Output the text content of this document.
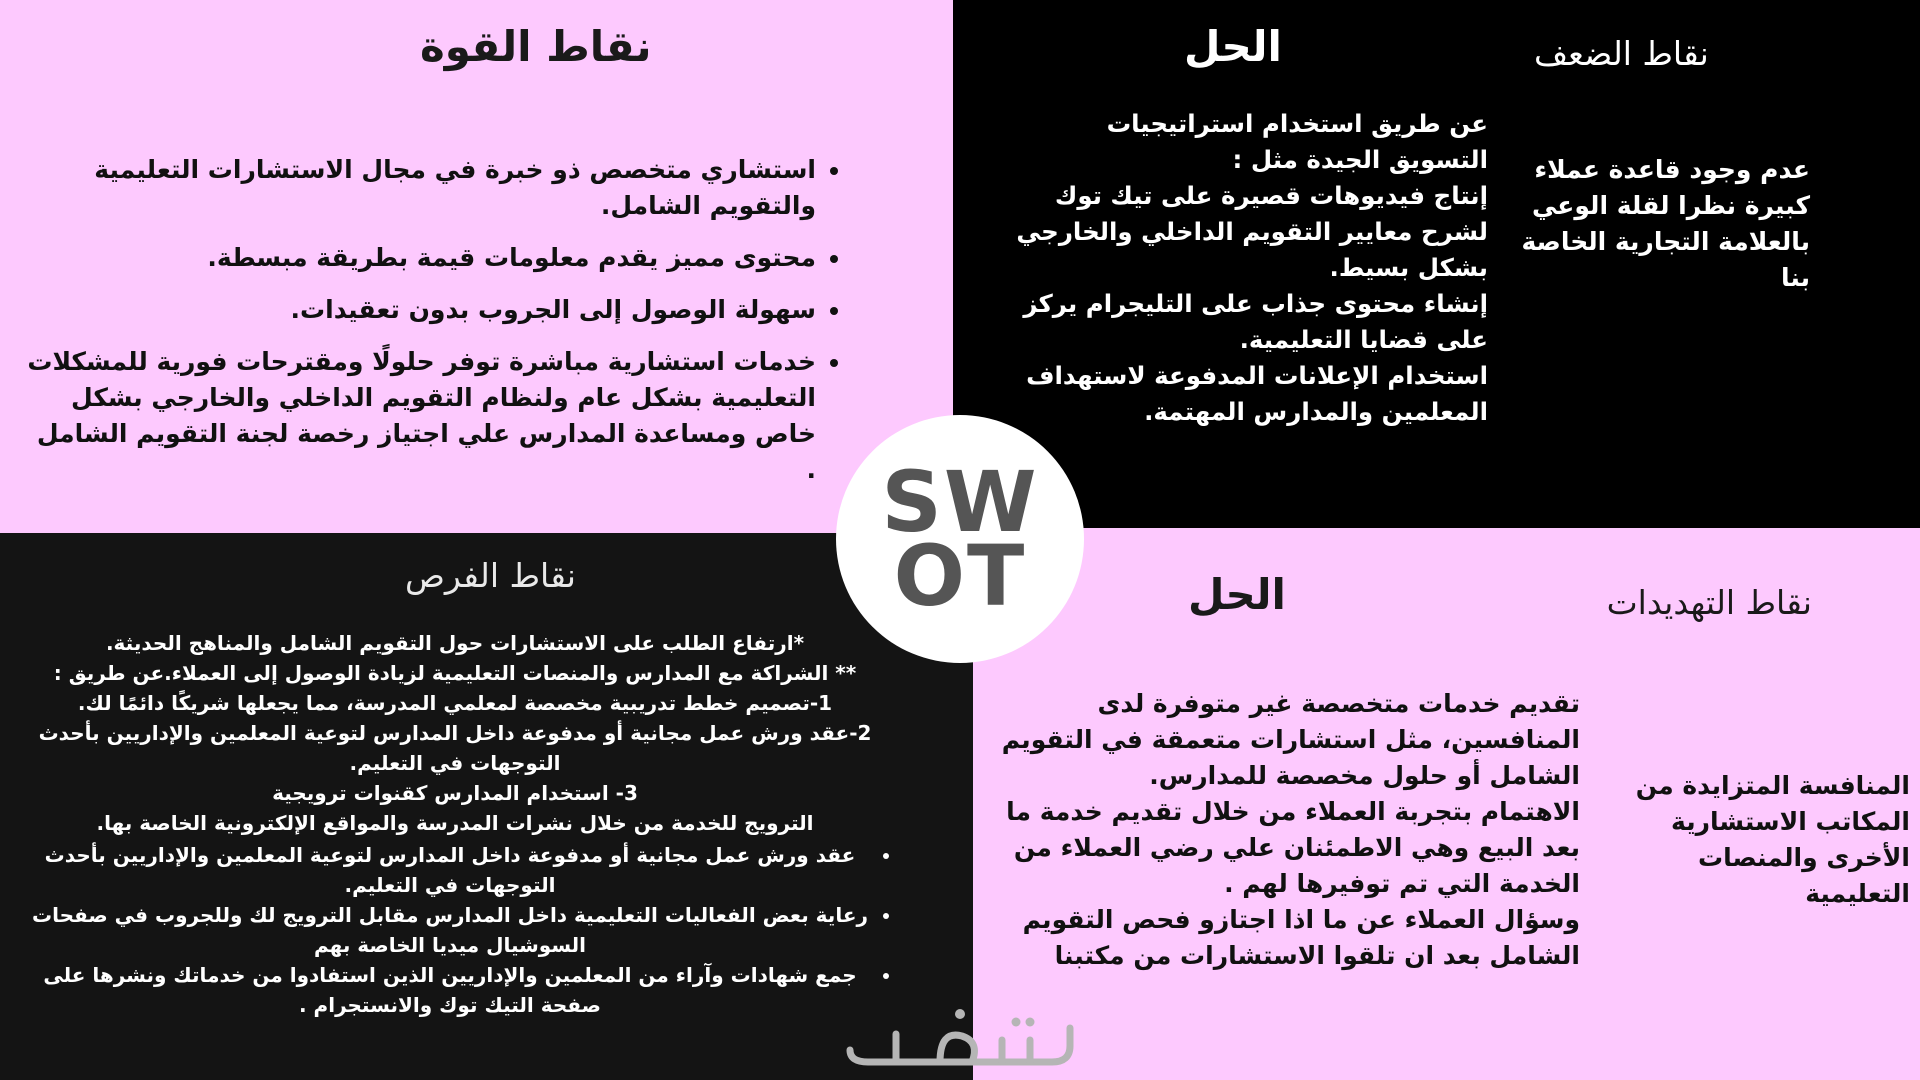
نقاط القوة
• استشاري متخصص ذو خبرة في مجال الاستشارات التعليمية والتقويم الشامل.
• محتوى مميز يقدم معلومات قيمة بطريقة مبسطة.
• سهولة الوصول إلى الجروب بدون تعقيدات.
• خدمات استشارية مباشرة توفر حلولًا ومقترحات فورية للمشكلات التعليمية بشكل عام ولنظام التقويم الداخلي والخارجي بشكل خاص ومساعدة المدارس علي اجتياز رخصة لجنة التقويم الشامل .
نقاط الضعف

عدم وجود قاعدة عملاء كبيرة نظرا لقلة الوعي بالعلامة التجارية الخاصة بنا

الحل
عن طريق استخدام استراتيجيات التسويق الجيدة مثل :
إنتاج فيديوهات قصيرة على تيك توك لشرح معايير التقويم الداخلي والخارجي بشكل بسيط.
إنشاء محتوى جذاب على التليجرام يركز على قضايا التعليمية.
استخدام الإعلانات المدفوعة لاستهداف المعلمين والمدارس المهتمة.
نقاط الفرص
*ارتفاع الطلب على الاستشارات حول التقويم الشامل والمناهج الحديثة.
** الشراكة مع المدارس والمنصات التعليمية لزيادة الوصول إلى العملاء.عن طريق :
1-تصميم خطط تدريبية مخصصة لمعلمي المدرسة، مما يجعلها شريكًا دائمًا لك.
2-عقد ورش عمل مجانية أو مدفوعة داخل المدارس لتوعية المعلمين والإداريين بأحدث التوجهات في التعليم.
3- استخدام المدارس كقنوات ترويجية
الترويج للخدمة من خلال نشرات المدرسة والمواقع الإلكترونية الخاصة بها.
• عقد ورش عمل مجانية أو مدفوعة داخل المدارس لتوعية المعلمين والإداريين بأحدث التوجهات في التعليم.
• رعاية بعض الفعاليات التعليمية داخل المدارس مقابل الترويج لك وللجروب في صفحات السوشيال ميديا الخاصة بهم
• جمع شهادات وآراء من المعلمين والإداريين الذين استفادوا من خدماتك ونشرها على صفحة التيك توك والانستجرام .
نقاط التهديدات

المنافسة المتزايدة من المكاتب الاستشارية الأخرى والمنصات التعليمية

الحل
تقديم خدمات متخصصة غير متوفرة لدى المنافسين، مثل استشارات متعمقة في التقويم الشامل أو حلول مخصصة للمدارس.
الاهتمام بتجربة العملاء من خلال تقديم خدمة ما بعد البيع وهي الاطمئنان علي رضي العملاء من الخدمة التي تم توفيرها لهم .
وسؤال العملاء عن ما اذا اجتازو فحص التقويم الشامل بعد ان تلقوا الاستشارات من مكتبنا
SW
OT
